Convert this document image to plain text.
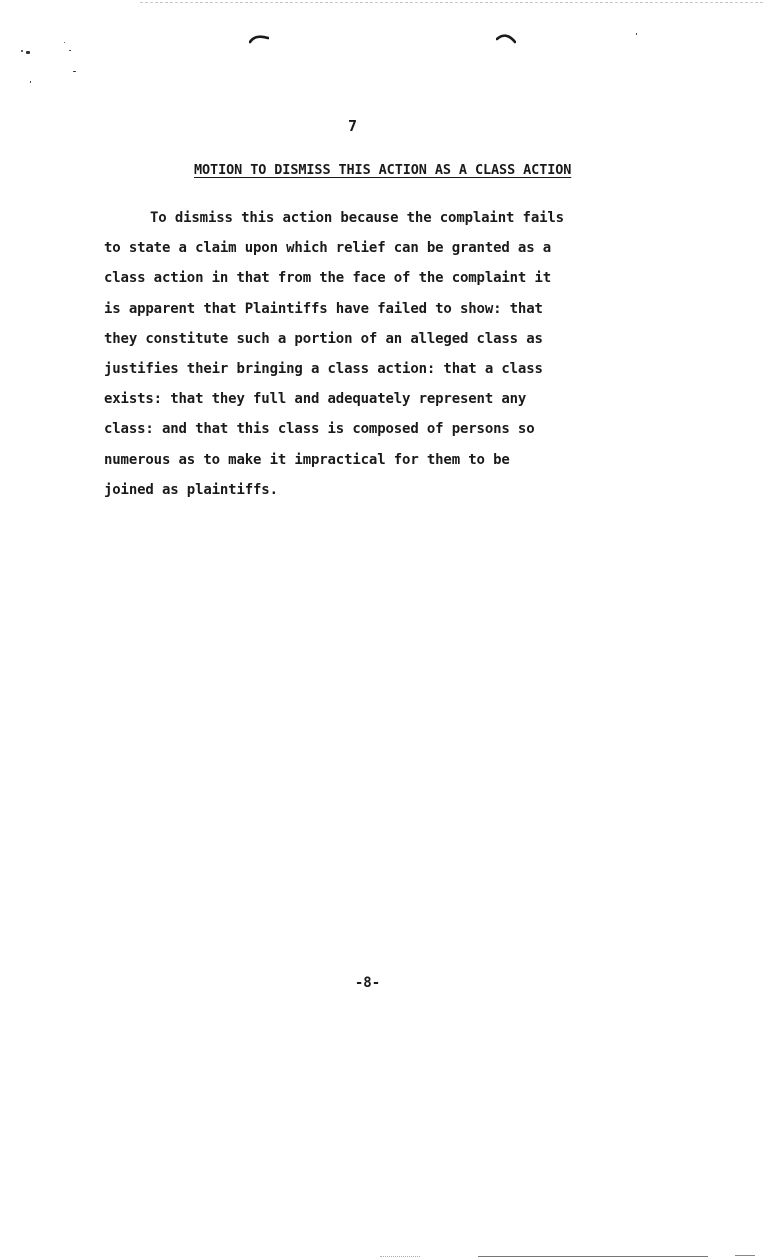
7
MOTION TO DISMISS THIS ACTION AS A CLASS ACTION
To dismiss this action because the complaint fails
to state a claim upon which relief can be granted as a
class action in that from the face of the complaint it
is apparent that Plaintiffs have failed to show: that
they constitute such a portion of an alleged class as
justifies their bringing a class action: that a class
exists: that they full and adequately represent any
class: and that this class is composed of persons so
numerous as to make it impractical for them to be
joined as plaintiffs.
-8-
